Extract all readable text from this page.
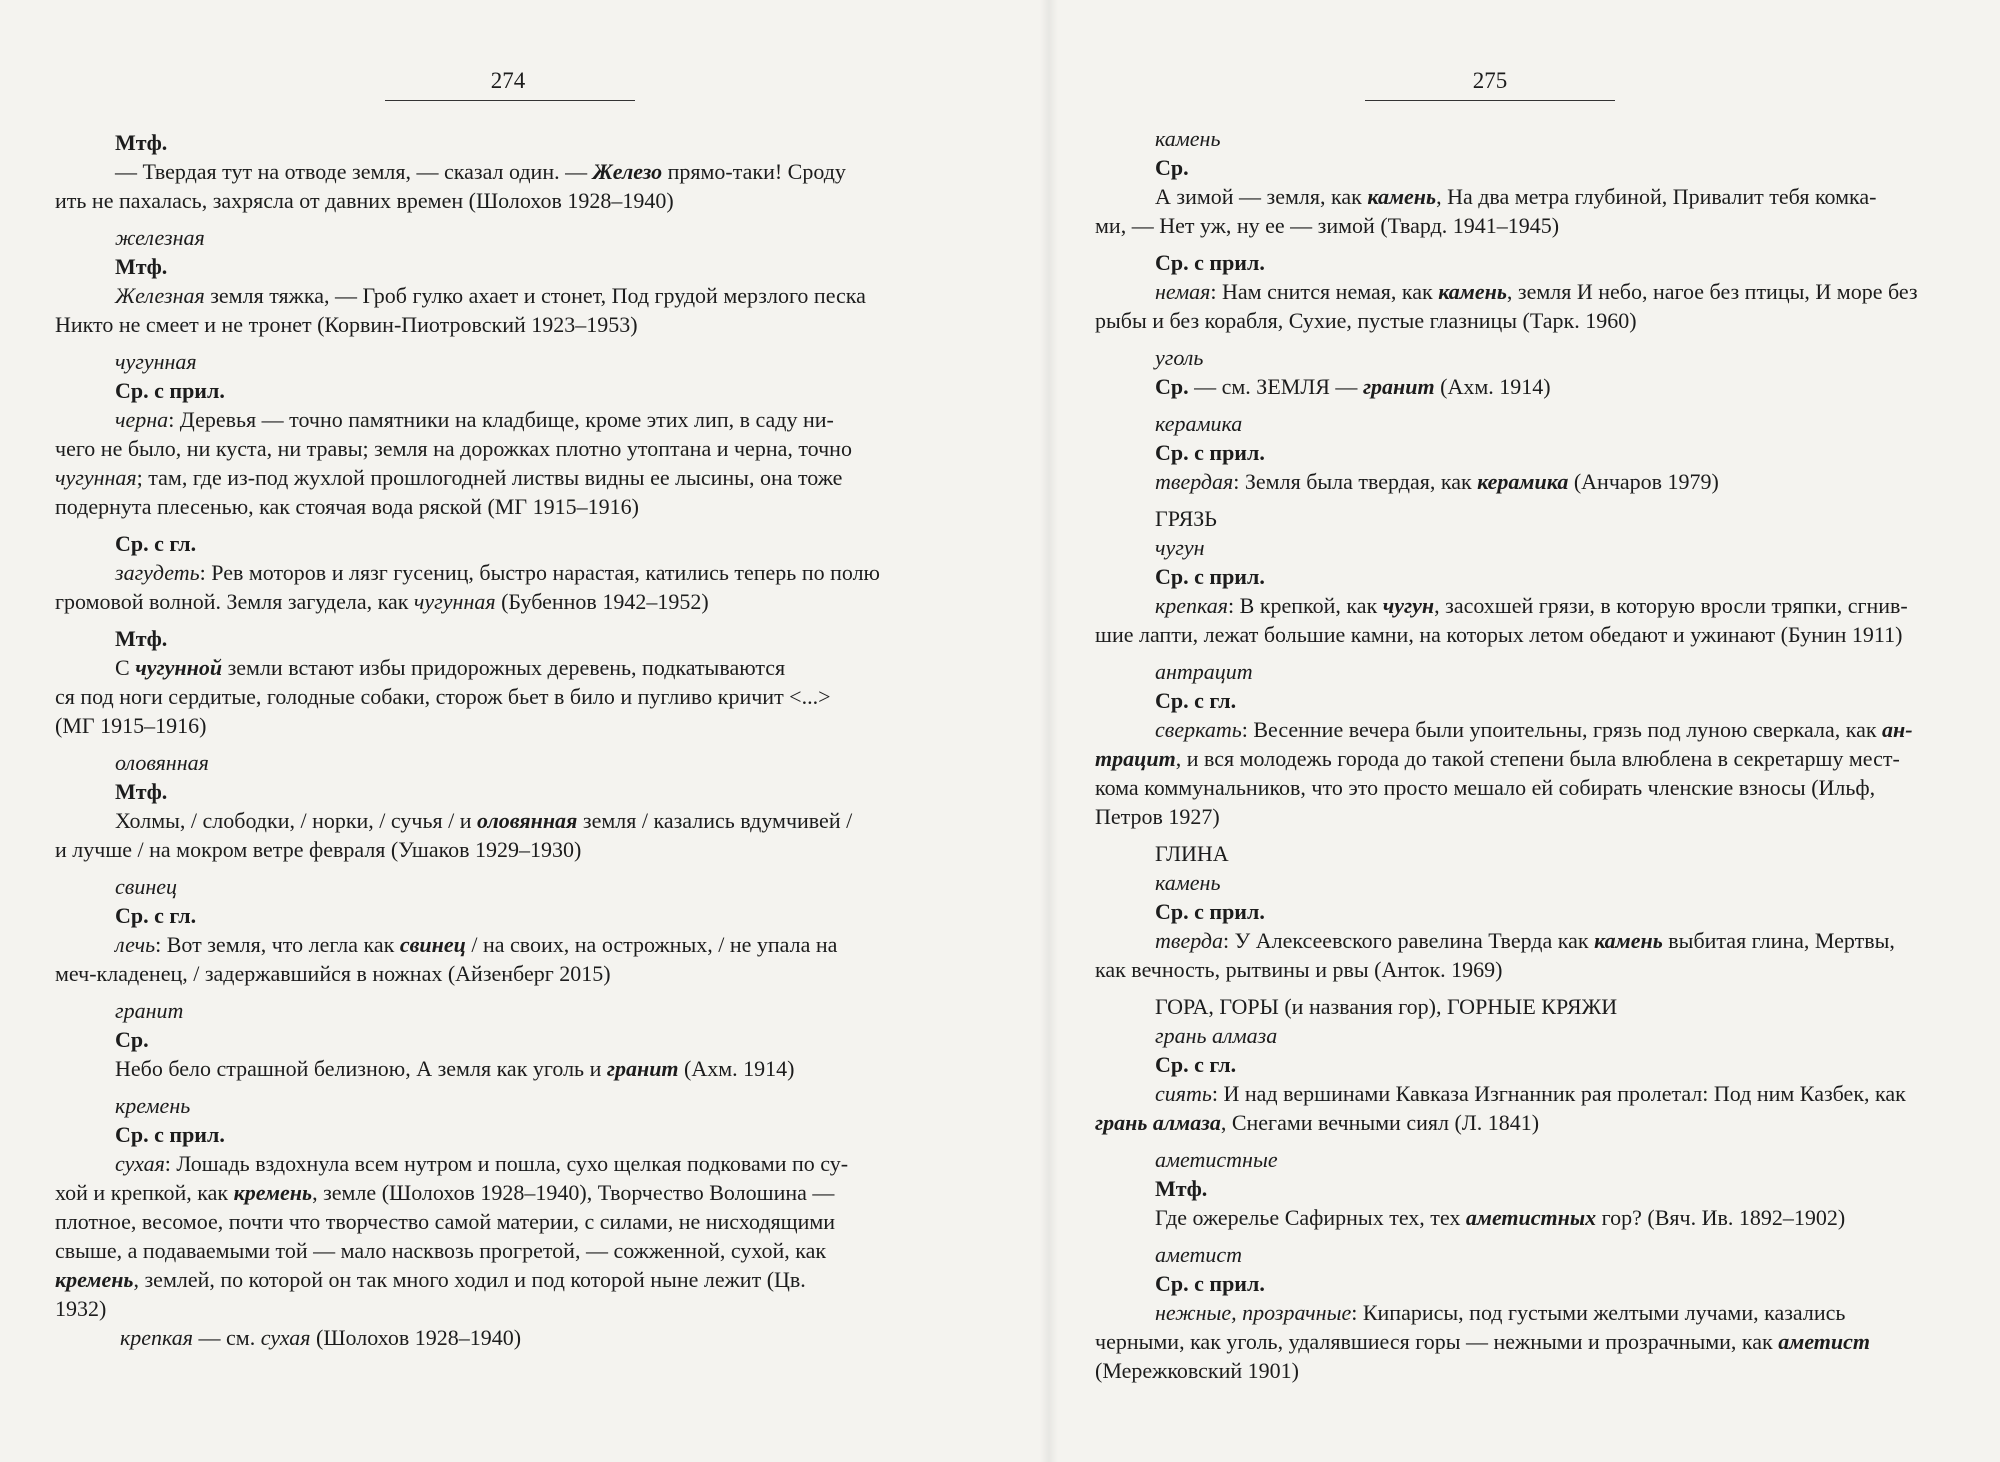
274
Мтф.
— Твердая тут на отводе земля, — сказал один. — Железо прямо-таки! Сроду
ить не пахалась, захрясла от давних времен (Шолохов 1928–1940)
железная
Мтф.
Железная земля тяжка, — Гроб гулко ахает и стонет, Под грудой мерзлого песка
Никто не смеет и не тронет (Корвин-Пиотровский 1923–1953)
чугунная
Ср. с прил.
черна: Деревья — точно памятники на кладбище, кроме этих лип, в саду ни-
чего не было, ни куста, ни травы; земля на дорожках плотно утоптана и черна, точно
чугунная; там, где из-под жухлой прошлогодней листвы видны ее лысины, она тоже
подернута плесенью, как стоячая вода ряской (МГ 1915–1916)
Ср. с гл.
загудеть: Рев моторов и лязг гусениц, быстро нарастая, катились теперь по полю
громовой волной. Земля загудела, как чугунная (Бубеннов 1942–1952)
Мтф.
С чугунной земли встают избы придорожных деревень, подкатываются
ся под ноги сердитые, голодные собаки, сторож бьет в било и пугливо кричит <...>
(МГ 1915–1916)
оловянная
Мтф.
Холмы, / слободки, / норки, / сучья / и оловянная земля / казались вдумчивей /
и лучше / на мокром ветре февраля (Ушаков 1929–1930)
свинец
Ср. с гл.
лечь: Вот земля, что легла как свинец / на своих, на острожных, / не упала на
меч-кладенец, / задержавшийся в ножнах (Айзенберг 2015)
гранит
Ср.
Небо бело страшной белизною, А земля как уголь и гранит (Ахм. 1914)
кремень
Ср. с прил.
сухая: Лошадь вздохнула всем нутром и пошла, сухо щелкая подковами по су-
хой и крепкой, как кремень, земле (Шолохов 1928–1940), Творчество Волошина —
плотное, весомое, почти что творчество самой материи, с силами, не нисходящими
свыше, а подаваемыми той — мало насквозь прогретой, — сожженной, сухой, как
кремень, землей, по которой он так много ходил и под которой ныне лежит (Цв.
1932)
крепкая — см. сухая (Шолохов 1928–1940)
275
камень
Ср.
А зимой — земля, как камень, На два метра глубиной, Привалит тебя комка-
ми, — Нет уж, ну ее — зимой (Твард. 1941–1945)
Ср. с прил.
немая: Нам снится немая, как камень, земля И небо, нагое без птицы, И море без
рыбы и без корабля, Сухие, пустые глазницы (Тарк. 1960)
уголь
Ср. — см. ЗЕМЛЯ — гранит (Ахм. 1914)
керамика
Ср. с прил.
твердая: Земля была твердая, как керамика (Анчаров 1979)
ГРЯЗЬ
чугун
Ср. с прил.
крепкая: В крепкой, как чугун, засохшей грязи, в которую вросли тряпки, сгнив-
шие лапти, лежат большие камни, на которых летом обедают и ужинают (Бунин 1911)
антрацит
Ср. с гл.
сверкать: Весенние вечера были упоительны, грязь под луною сверкала, как ан-
трацит, и вся молодежь города до такой степени была влюблена в секретаршу мест-
кома коммунальников, что это просто мешало ей собирать членские взносы (Ильф,
Петров 1927)
ГЛИНА
камень
Ср. с прил.
тверда: У Алексеевского равелина Тверда как камень выбитая глина, Мертвы,
как вечность, рытвины и рвы (Анток. 1969)
ГОРА, ГОРЫ (и названия гор), ГОРНЫЕ КРЯЖИ
грань алмаза
Ср. с гл.
сиять: И над вершинами Кавказа Изгнанник рая пролетал: Под ним Казбек, как
грань алмаза, Снегами вечными сиял (Л. 1841)
аметистные
Мтф.
Где ожерелье Сафирных тех, тех аметистных гор? (Вяч. Ив. 1892–1902)
аметист
Ср. с прил.
нежные, прозрачные: Кипарисы, под густыми желтыми лучами, казались
черными, как уголь, удалявшиеся горы — нежными и прозрачными, как аметист
(Мережковский 1901)
